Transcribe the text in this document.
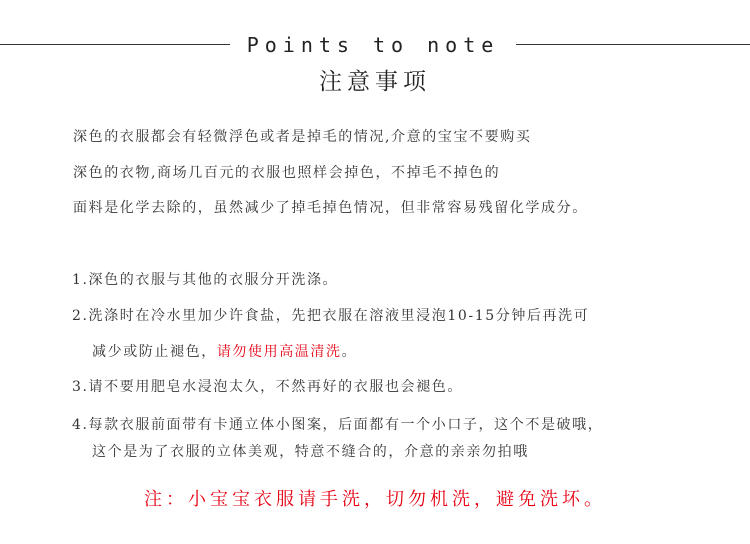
Points to note
注意事项
深色的衣服都会有轻微浮色或者是掉毛的情况,介意的宝宝不要购买
深色的衣物,商场几百元的衣服也照样会掉色，不掉毛不掉色的
面料是化学去除的，虽然减少了掉毛掉色情况，但非常容易残留化学成分。
1.深色的衣服与其他的衣服分开洗涤。
2.洗涤时在冷水里加少许食盐，先把衣服在溶液里浸泡10-15分钟后再洗可
减少或防止褪色，请勿使用高温清洗。
3.请不要用肥皂水浸泡太久，不然再好的衣服也会褪色。
4.每款衣服前面带有卡通立体小图案，后面都有一个小口子，这个不是破哦，
这个是为了衣服的立体美观，特意不缝合的，介意的亲亲勿拍哦
注：小宝宝衣服请手洗，切勿机洗，避免洗坏。
